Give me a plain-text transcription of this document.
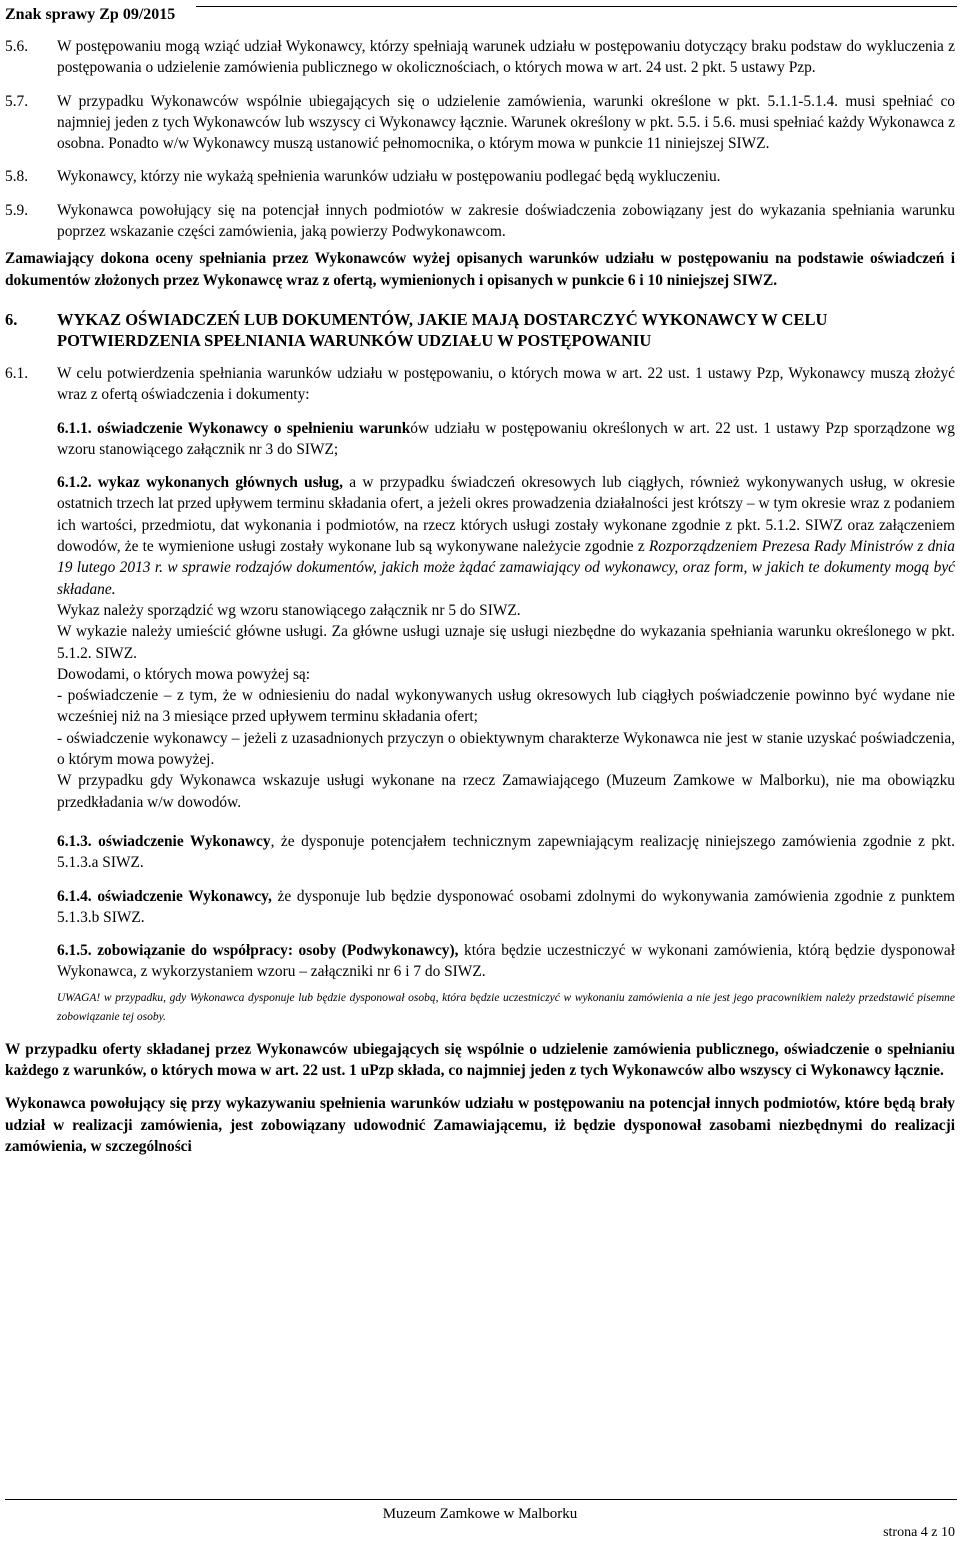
Znak sprawy Zp 09/2015
5.6. W postępowaniu mogą wziąć udział Wykonawcy, którzy spełniają warunek udziału w postępowaniu dotyczący braku podstaw do wykluczenia z postępowania o udzielenie zamówienia publicznego w okolicznościach, o których mowa w art. 24 ust. 2 pkt. 5 ustawy Pzp.
5.7. W przypadku Wykonawców wspólnie ubiegających się o udzielenie zamówienia, warunki określone w pkt. 5.1.1-5.1.4. musi spełniać co najmniej jeden z tych Wykonawców lub wszyscy ci Wykonawcy łącznie. Warunek określony w pkt. 5.5. i 5.6. musi spełniać każdy Wykonawca z osobna. Ponadto w/w Wykonawcy muszą ustanowić pełnomocnika, o którym mowa w punkcie 11 niniejszej SIWZ.
5.8. Wykonawcy, którzy nie wykażą spełnienia warunków udziału w postępowaniu podlegać będą wykluczeniu.
5.9. Wykonawca powołujący się na potencjał innych podmiotów w zakresie doświadczenia zobowiązany jest do wykazania spełniania warunku poprzez wskazanie części zamówienia, jaką powierzy Podwykonawcom.
Zamawiający dokona oceny spełniania przez Wykonawców wyżej opisanych warunków udziału w postępowaniu na podstawie oświadczeń i dokumentów złożonych przez Wykonawcę wraz z ofertą, wymienionych i opisanych w punkcie 6 i 10 niniejszej SIWZ.
6. WYKAZ OŚWIADCZEŃ LUB DOKUMENTÓW, JAKIE MAJĄ DOSTARCZYĆ WYKONAWCY W CELU POTWIERDZENIA SPEŁNIANIA WARUNKÓW UDZIAŁU W POSTĘPOWANIU
6.1. W celu potwierdzenia spełniania warunków udziału w postępowaniu, o których mowa w art. 22 ust. 1 ustawy Pzp, Wykonawcy muszą złożyć wraz z ofertą oświadczenia i dokumenty:
6.1.1. oświadczenie Wykonawcy o spełnieniu warunków udziału w postępowaniu określonych w art. 22 ust. 1 ustawy Pzp sporządzone wg wzoru stanowiącego załącznik nr 3 do SIWZ;
6.1.2. wykaz wykonanych głównych usług, a w przypadku świadczeń okresowych lub ciągłych, również wykonywanych usług, w okresie ostatnich trzech lat przed upływem terminu składania ofert, a jeżeli okres prowadzenia działalności jest krótszy – w tym okresie wraz z podaniem ich wartości, przedmiotu, dat wykonania i podmiotów, na rzecz których usługi zostały wykonane zgodnie z pkt. 5.1.2. SIWZ oraz załączeniem dowodów, że te wymienione usługi zostały wykonane lub są wykonywane należycie zgodnie z Rozporządzeniem Prezesa Rady Ministrów z dnia 19 lutego 2013 r. w sprawie rodzajów dokumentów, jakich może żądać zamawiający od wykonawcy, oraz form, w jakich te dokumenty mogą być składane.
Wykaz należy sporządzić wg wzoru stanowiącego załącznik nr 5 do SIWZ.
W wykazie należy umieścić główne usługi. Za główne usługi uznaje się usługi niezbędne do wykazania spełniania warunku określonego w pkt. 5.1.2. SIWZ.
Dowodami, o których mowa powyżej są:
- poświadczenie – z tym, że w odniesieniu do nadal wykonywanych usług okresowych lub ciągłych poświadczenie powinno być wydane nie wcześniej niż na 3 miesiące przed upływem terminu składania ofert;
- oświadczenie wykonawcy – jeżeli z uzasadnionych przyczyn o obiektywnym charakterze Wykonawca nie jest w stanie uzyskać poświadczenia, o którym mowa powyżej.
W przypadku gdy Wykonawca wskazuje usługi wykonane na rzecz Zamawiającego (Muzeum Zamkowe w Malborku), nie ma obowiązku przedkładania w/w dowodów.
6.1.3. oświadczenie Wykonawcy, że dysponuje potencjałem technicznym zapewniającym realizację niniejszego zamówienia zgodnie z pkt. 5.1.3.a SIWZ.
6.1.4. oświadczenie Wykonawcy, że dysponuje lub będzie dysponować osobami zdolnymi do wykonywania zamówienia zgodnie z punktem 5.1.3.b SIWZ.
6.1.5. zobowiązanie do współpracy: osoby (Podwykonawcy), która będzie uczestniczyć w wykonani zamówienia, którą będzie dysponował Wykonawca, z wykorzystaniem wzoru – załączniki nr 6 i 7 do SIWZ.
UWAGA! w przypadku, gdy Wykonawca dysponuje lub będzie dysponował osobą, która będzie uczestniczyć w wykonaniu zamówienia a nie jest jego pracownikiem należy przedstawić pisemne zobowiązanie tej osoby.
W przypadku oferty składanej przez Wykonawców ubiegających się wspólnie o udzielenie zamówienia publicznego, oświadczenie o spełnianiu każdego z warunków, o których mowa w art. 22 ust. 1 uPzp składa, co najmniej jeden z tych Wykonawców albo wszyscy ci Wykonawcy łącznie.
Wykonawca powołujący się przy wykazywaniu spełnienia warunków udziału w postępowaniu na potencjał innych podmiotów, które będą brały udział w realizacji zamówienia, jest zobowiązany udowodnić Zamawiającemu, iż będzie dysponował zasobami niezbędnymi do realizacji zamówienia, w szczególności
Muzeum Zamkowe w Malborku
strona 4 z 10
